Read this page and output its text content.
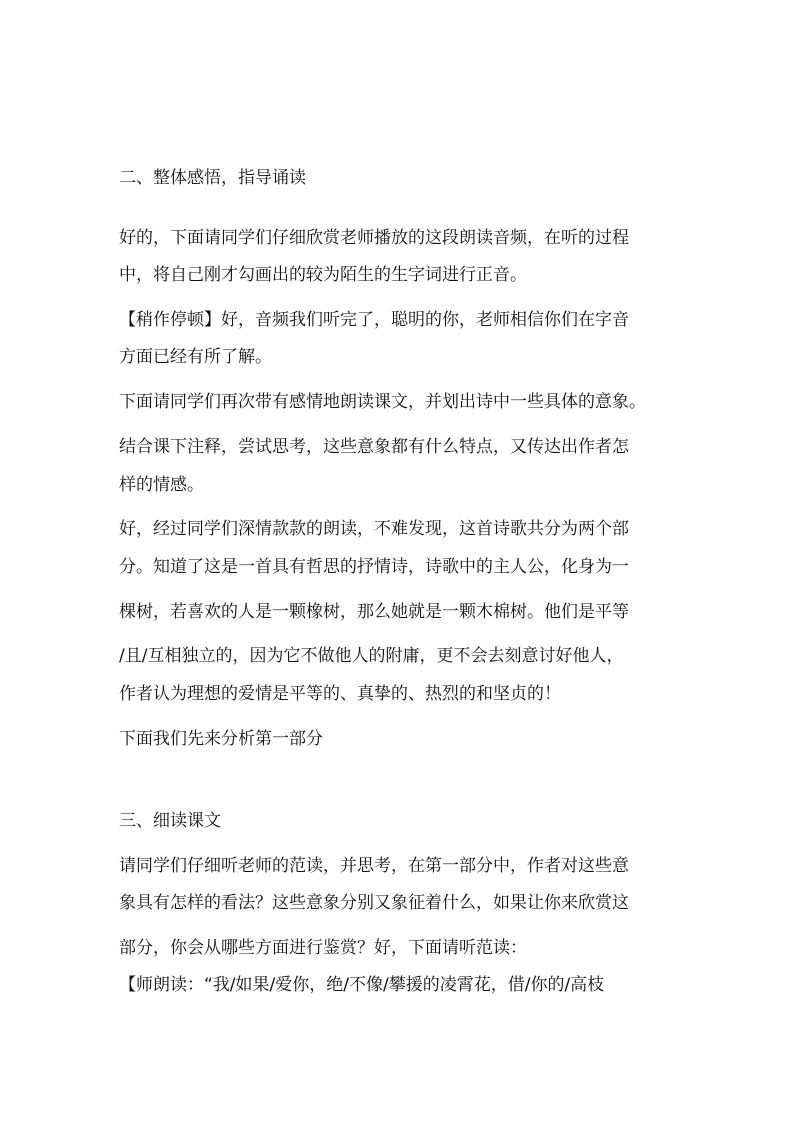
二、整体感悟，指导诵读
好的，下面请同学们仔细欣赏老师播放的这段朗读音频，在听的过程
中，将自己刚才勾画出的较为陌生的生字词进行正音。
【稍作停顿】好，音频我们听完了，聪明的你，老师相信你们在字音
方面已经有所了解。
下面请同学们再次带有感情地朗读课文，并划出诗中一些具体的意象。
结合课下注释，尝试思考，这些意象都有什么特点，又传达出作者怎
样的情感。
好，经过同学们深情款款的朗读，不难发现，这首诗歌共分为两个部
分。知道了这是一首具有哲思的抒情诗，诗歌中的主人公，化身为一
棵树，若喜欢的人是一颗橡树，那么她就是一颗木棉树。他们是平等
/且/互相独立的，因为它不做他人的附庸，更不会去刻意讨好他人，
作者认为理想的爱情是平等的、真挚的、热烈的和坚贞的！
下面我们先来分析第一部分
三、细读课文
请同学们仔细听老师的范读，并思考，在第一部分中，作者对这些意
象具有怎样的看法？这些意象分别又象征着什么，如果让你来欣赏这
部分，你会从哪些方面进行鉴赏？好，下面请听范读：
【师朗读：“我/如果/爱你，绝/不像/攀援的凌霄花，借/你的/高枝
